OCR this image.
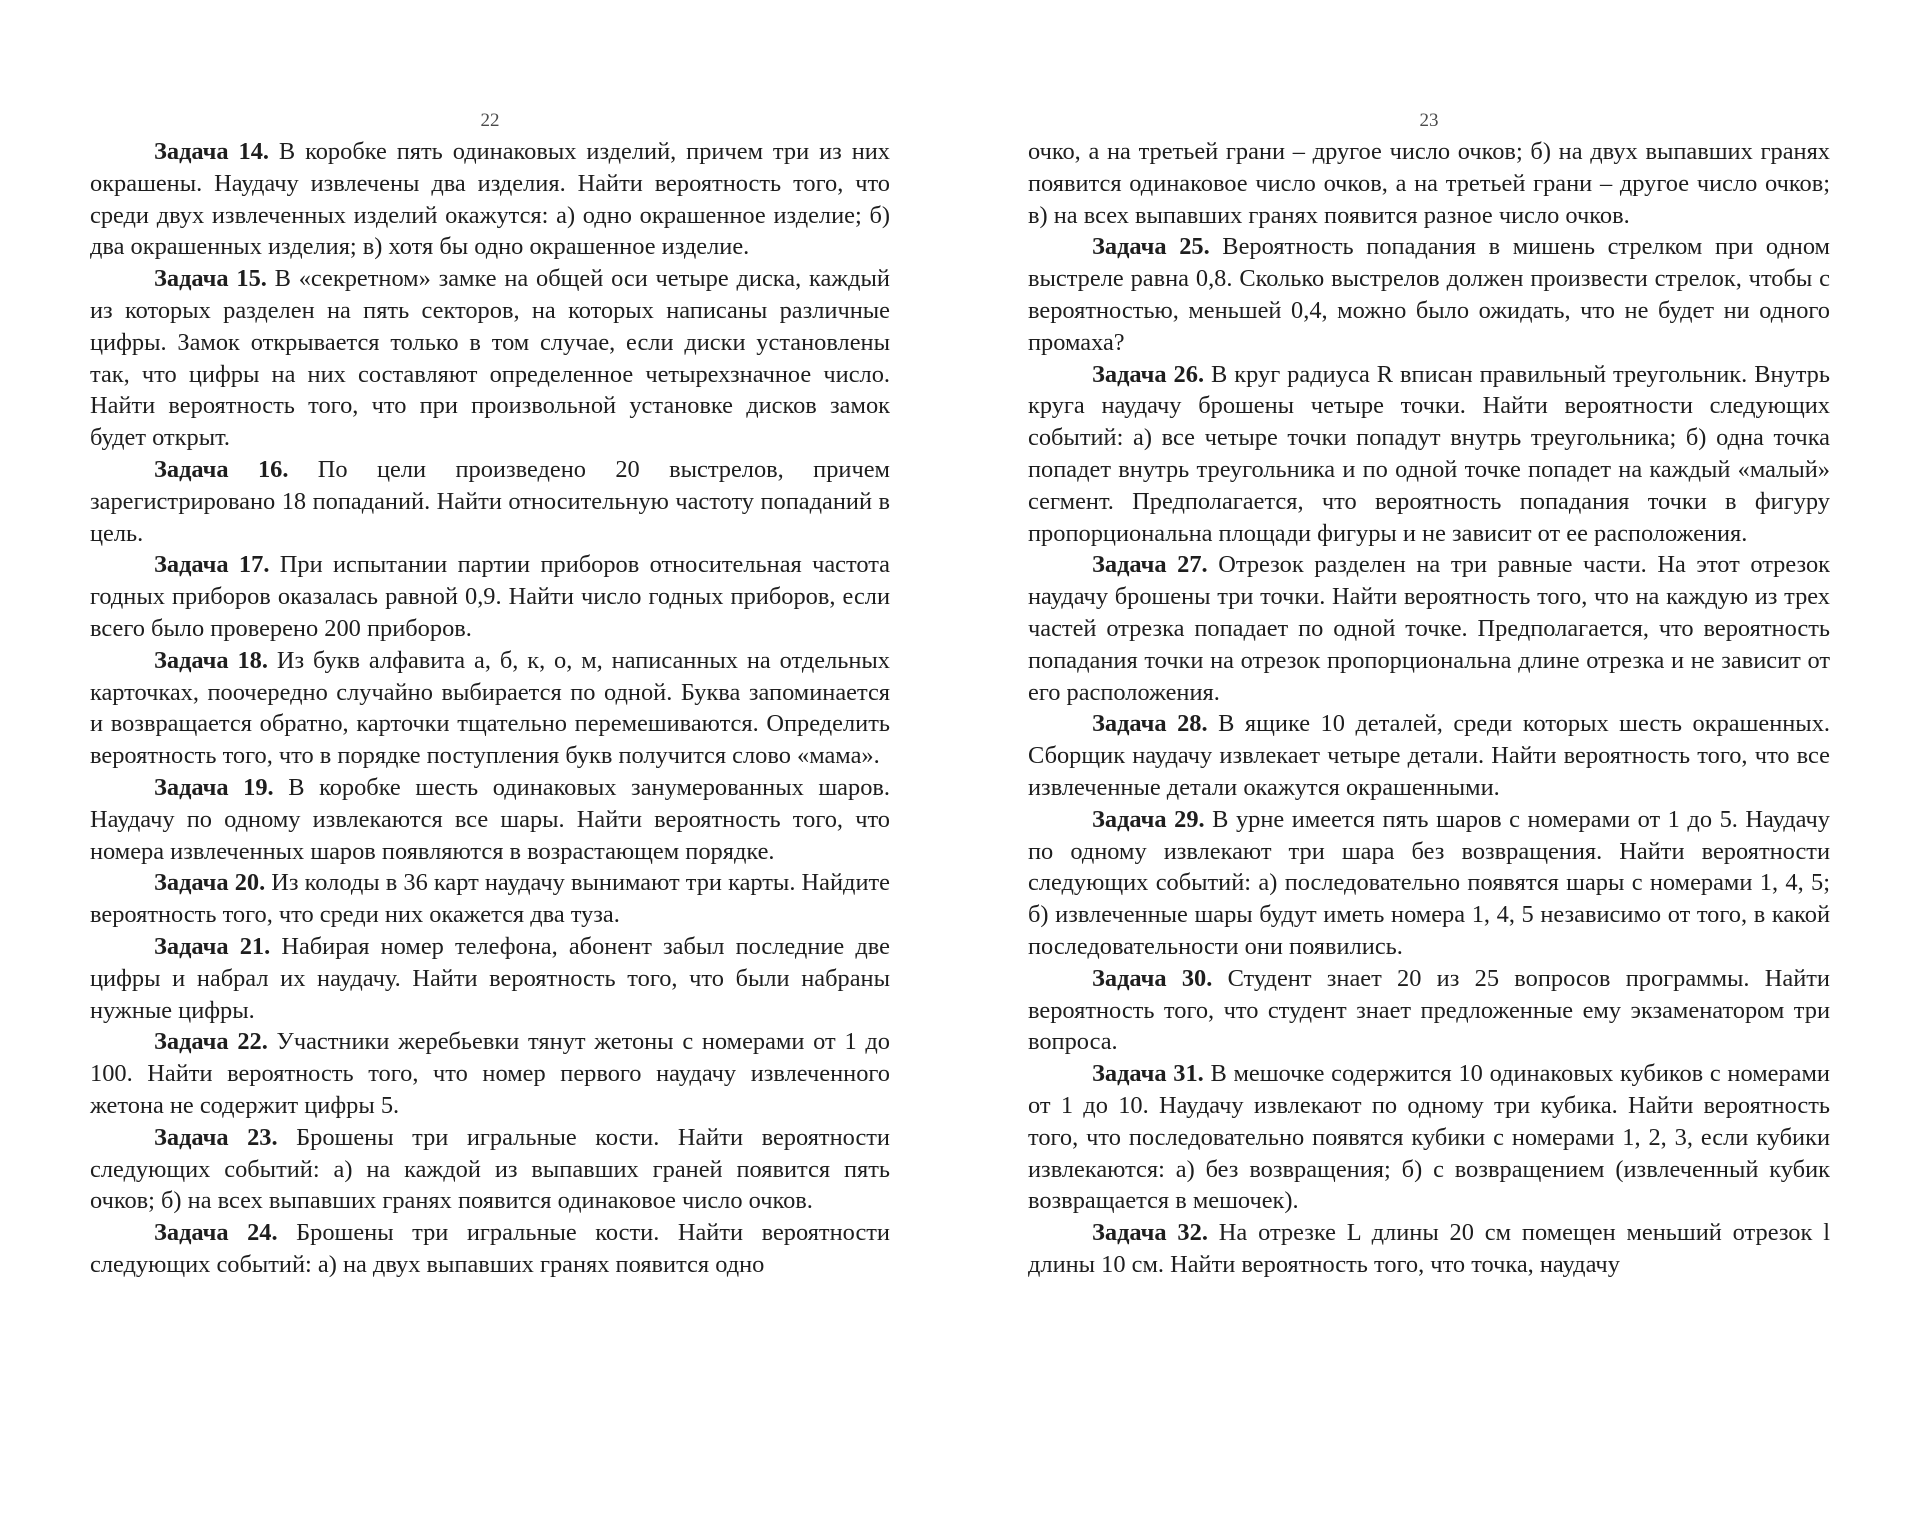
22

Задача 14. В коробке пять одинаковых изделий, причем три из них окрашены. Наудачу извлечены два изделия. Найти вероятность того, что среди двух извлеченных изделий окажутся: а) одно окрашенное изделие; б) два окрашенных изделия; в) хотя бы одно окрашенное изделие.

Задача 15. В «секретном» замке на общей оси четыре диска, каждый из которых разделен на пять секторов, на которых написаны различные цифры. Замок открывается только в том случае, если диски установлены так, что цифры на них составляют определенное четырехзначное число. Найти вероятность того, что при произвольной установке дисков замок будет открыт.

Задача 16. По цели произведено 20 выстрелов, причем зарегистрировано 18 попаданий. Найти относительную частоту попаданий в цель.

Задача 17. При испытании партии приборов относительная частота годных приборов оказалась равной 0,9. Найти число годных приборов, если всего было проверено 200 приборов.

Задача 18. Из букв алфавита а, б, к, о, м, написанных на отдельных карточках, поочередно случайно выбирается по одной. Буква запоминается и возвращается обратно, карточки тщательно перемешиваются. Определить вероятность того, что в порядке поступления букв получится слово «мама».

Задача 19. В коробке шесть одинаковых занумерованных шаров. Наудачу по одному извлекаются все шары. Найти вероятность того, что номера извлеченных шаров появляются в возрастающем порядке.

Задача 20. Из колоды в 36 карт наудачу вынимают три карты. Найдите вероятность того, что среди них окажется два туза.

Задача 21. Набирая номер телефона, абонент забыл последние две цифры и набрал их наудачу. Найти вероятность того, что были набраны нужные цифры.

Задача 22. Участники жеребьевки тянут жетоны с номерами от 1 до 100. Найти вероятность того, что номер первого наудачу извлеченного жетона не содержит цифры 5.

Задача 23. Брошены три игральные кости. Найти вероятности следующих событий: а) на каждой из выпавших граней появится пять очков; б) на всех выпавших гранях появится одинаковое число очков.

Задача 24. Брошены три игральные кости. Найти вероятности следующих событий: а) на двух выпавших гранях появится одно

23

очко, а на третьей грани – другое число очков; б) на двух выпавших гранях появится одинаковое число очков, а на третьей грани – другое число очков; в) на всех выпавших гранях появится разное число очков.

Задача 25. Вероятность попадания в мишень стрелком при одном выстреле равна 0,8. Сколько выстрелов должен произвести стрелок, чтобы с вероятностью, меньшей 0,4, можно было ожидать, что не будет ни одного промаха?

Задача 26. В круг радиуса R вписан правильный треугольник. Внутрь круга наудачу брошены четыре точки. Найти вероятности следующих событий: а) все четыре точки попадут внутрь треугольника; б) одна точка попадет внутрь треугольника и по одной точке попадет на каждый «малый» сегмент. Предполагается, что вероятность попадания точки в фигуру пропорциональна площади фигуры и не зависит от ее расположения.

Задача 27. Отрезок разделен на три равные части. На этот отрезок наудачу брошены три точки. Найти вероятность того, что на каждую из трех частей отрезка попадает по одной точке. Предполагается, что вероятность попадания точки на отрезок пропорциональна длине отрезка и не зависит от его расположения.

Задача 28. В ящике 10 деталей, среди которых шесть окрашенных. Сборщик наудачу извлекает четыре детали. Найти вероятность того, что все извлеченные детали окажутся окрашенными.

Задача 29. В урне имеется пять шаров с номерами от 1 до 5. Наудачу по одному извлекают три шара без возвращения. Найти вероятности следующих событий: а) последовательно появятся шары с номерами 1, 4, 5; б) извлеченные шары будут иметь номера 1, 4, 5 независимо от того, в какой последовательности они появились.

Задача 30. Студент знает 20 из 25 вопросов программы. Найти вероятность того, что студент знает предложенные ему экзаменатором три вопроса.

Задача 31. В мешочке содержится 10 одинаковых кубиков с номерами от 1 до 10. Наудачу извлекают по одному три кубика. Найти вероятность того, что последовательно появятся кубики с номерами 1, 2, 3, если кубики извлекаются: а) без возвращения; б) с возвращением (извлеченный кубик возвращается в мешочек).

Задача 32. На отрезке L длины 20 см помещен меньший отрезок l длины 10 см. Найти вероятность того, что точка, наудачу
